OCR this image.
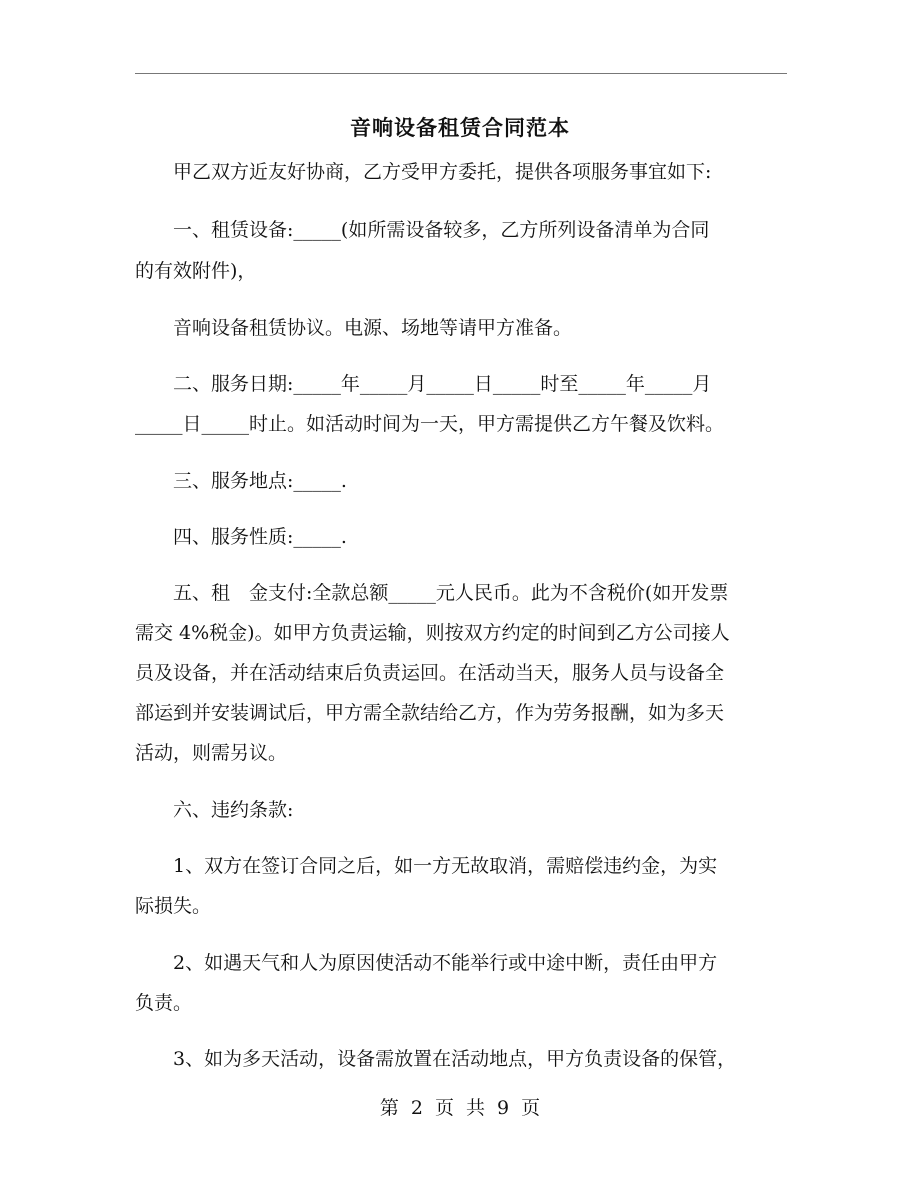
音响设备租赁合同范本
　　甲乙双方近友好协商，乙方受甲方委托，提供各项服务事宜如下:
　　一、租赁设备:_____(如所需设备较多，乙方所列设备清单为合同
的有效附件)，
　　音响设备租赁协议。电源、场地等请甲方准备。
　　二、服务日期:_____年_____月_____日_____时至_____年_____月
_____日_____时止。如活动时间为一天，甲方需提供乙方午餐及饮料。
　　三、服务地点:_____.
　　四、服务性质:_____.
　　五、租　金支付:全款总额_____元人民币。此为不含税价(如开发票
需交 4%税金)。如甲方负责运输，则按双方约定的时间到乙方公司接人
员及设备，并在活动结束后负责运回。在活动当天，服务人员与设备全
部运到并安装调试后，甲方需全款结给乙方，作为劳务报酬，如为多天
活动，则需另议。
　　六、违约条款:
　　1、双方在签订合同之后，如一方无故取消，需赔偿违约金，为实
际损失。
　　2、如遇天气和人为原因使活动不能举行或中途中断，责任由甲方
负责。
　　3、如为多天活动，设备需放置在活动地点，甲方负责设备的保管，
第 2 页 共 9 页
